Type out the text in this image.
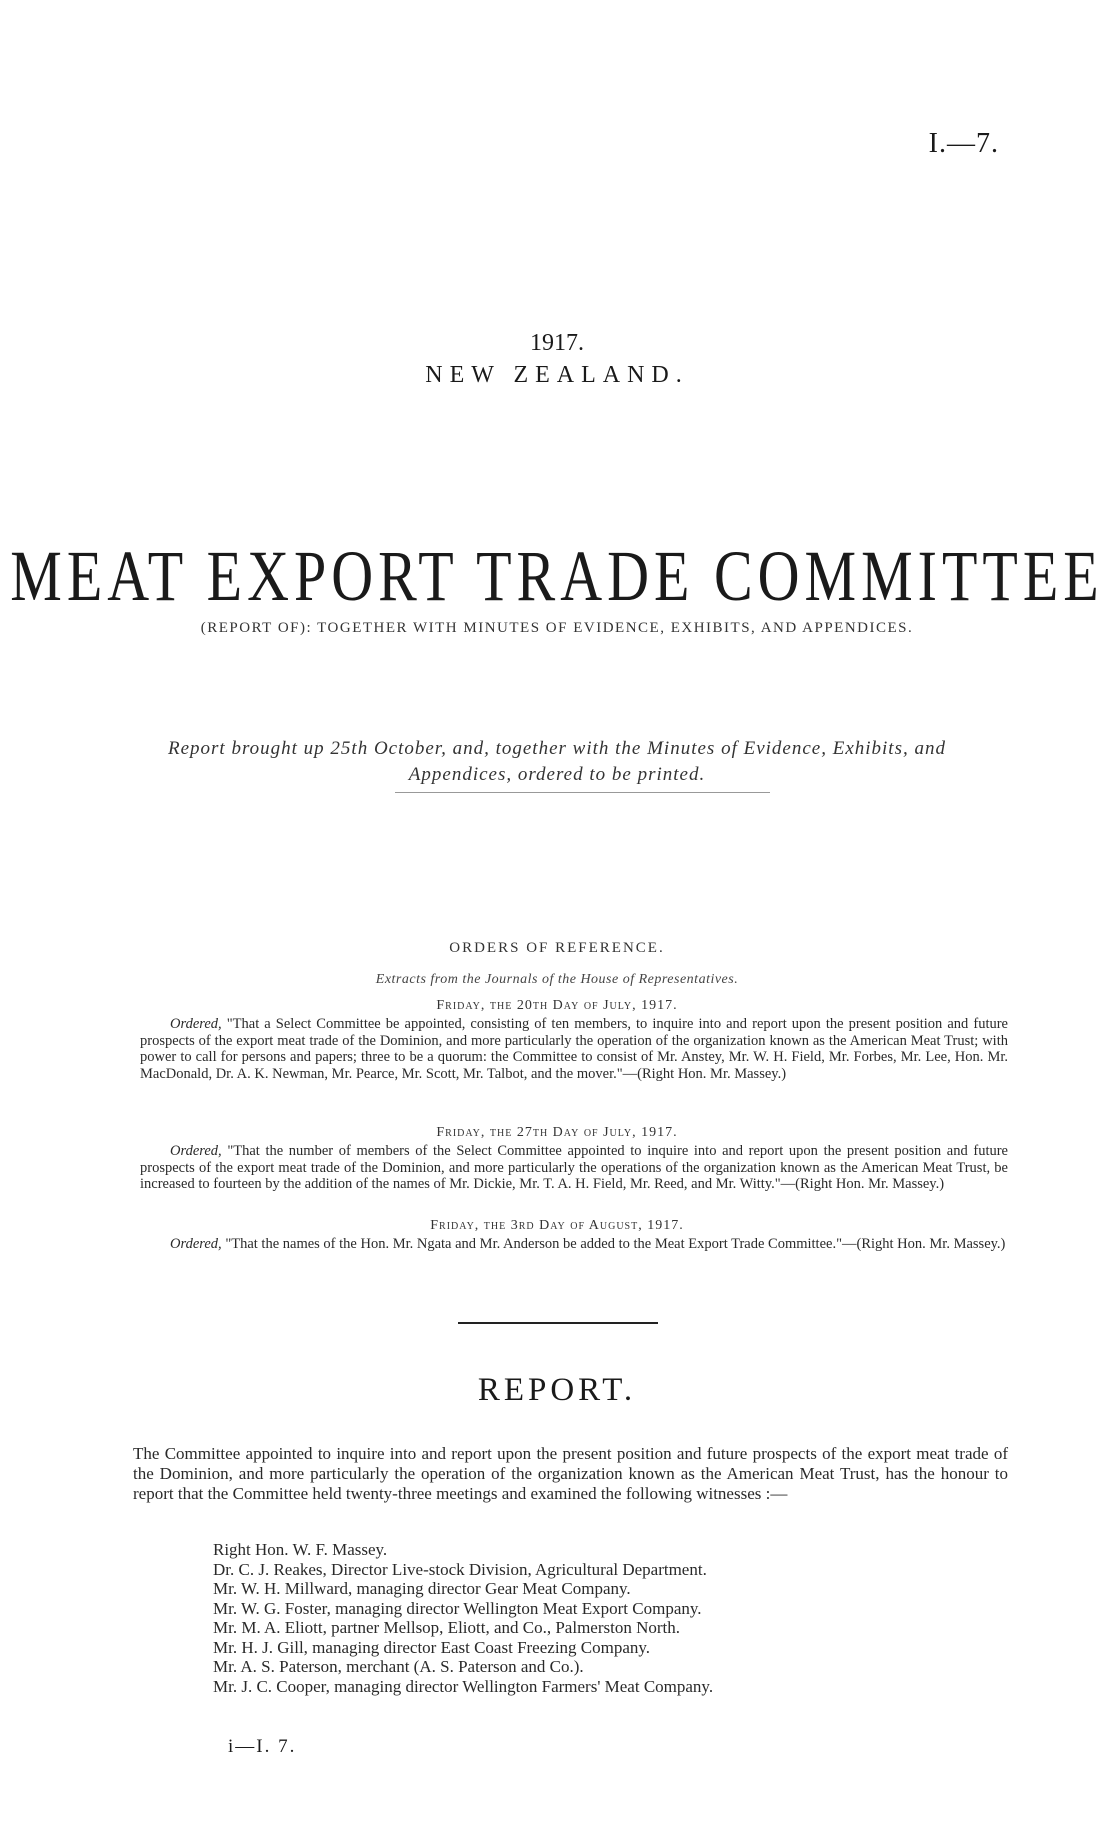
I.—7.
1917.
NEW ZEALAND.
MEAT EXPORT TRADE COMMITTEE
(REPORT OF): TOGETHER WITH MINUTES OF EVIDENCE, EXHIBITS, AND APPENDICES.
Report brought up 25th October, and, together with the Minutes of Evidence, Exhibits, and
Appendices, ordered to be printed.
ORDERS OF REFERENCE.
Extracts from the Journals of the House of Representatives.
Friday, the 20th Day of July, 1917.
Ordered, "That a Select Committee be appointed, consisting of ten members, to inquire into and report upon the present position and future prospects of the export meat trade of the Dominion, and more particularly the operation of the organization known as the American Meat Trust; with power to call for persons and papers; three to be a quorum: the Committee to consist of Mr. Anstey, Mr. W. H. Field, Mr. Forbes, Mr. Lee, Hon. Mr. MacDonald, Dr. A. K. Newman, Mr. Pearce, Mr. Scott, Mr. Talbot, and the mover."—(Right Hon. Mr. Massey.)
Friday, the 27th Day of July, 1917.
Ordered, "That the number of members of the Select Committee appointed to inquire into and report upon the present position and future prospects of the export meat trade of the Dominion, and more particularly the operations of the organization known as the American Meat Trust, be increased to fourteen by the addition of the names of Mr. Dickie, Mr. T. A. H. Field, Mr. Reed, and Mr. Witty."—(Right Hon. Mr. Massey.)
Friday, the 3rd Day of August, 1917.
Ordered, "That the names of the Hon. Mr. Ngata and Mr. Anderson be added to the Meat Export Trade Committee."—(Right Hon. Mr. Massey.)
REPORT.
The Committee appointed to inquire into and report upon the present position and future prospects of the export meat trade of the Dominion, and more particularly the operation of the organization known as the American Meat Trust, has the honour to report that the Committee held twenty-three meetings and examined the following witnesses :—
Right Hon. W. F. Massey.
Dr. C. J. Reakes, Director Live-stock Division, Agricultural Department.
Mr. W. H. Millward, managing director Gear Meat Company.
Mr. W. G. Foster, managing director Wellington Meat Export Company.
Mr. M. A. Eliott, partner Mellsop, Eliott, and Co., Palmerston North.
Mr. H. J. Gill, managing director East Coast Freezing Company.
Mr. A. S. Paterson, merchant (A. S. Paterson and Co.).
Mr. J. C. Cooper, managing director Wellington Farmers' Meat Company.
i—I. 7.
